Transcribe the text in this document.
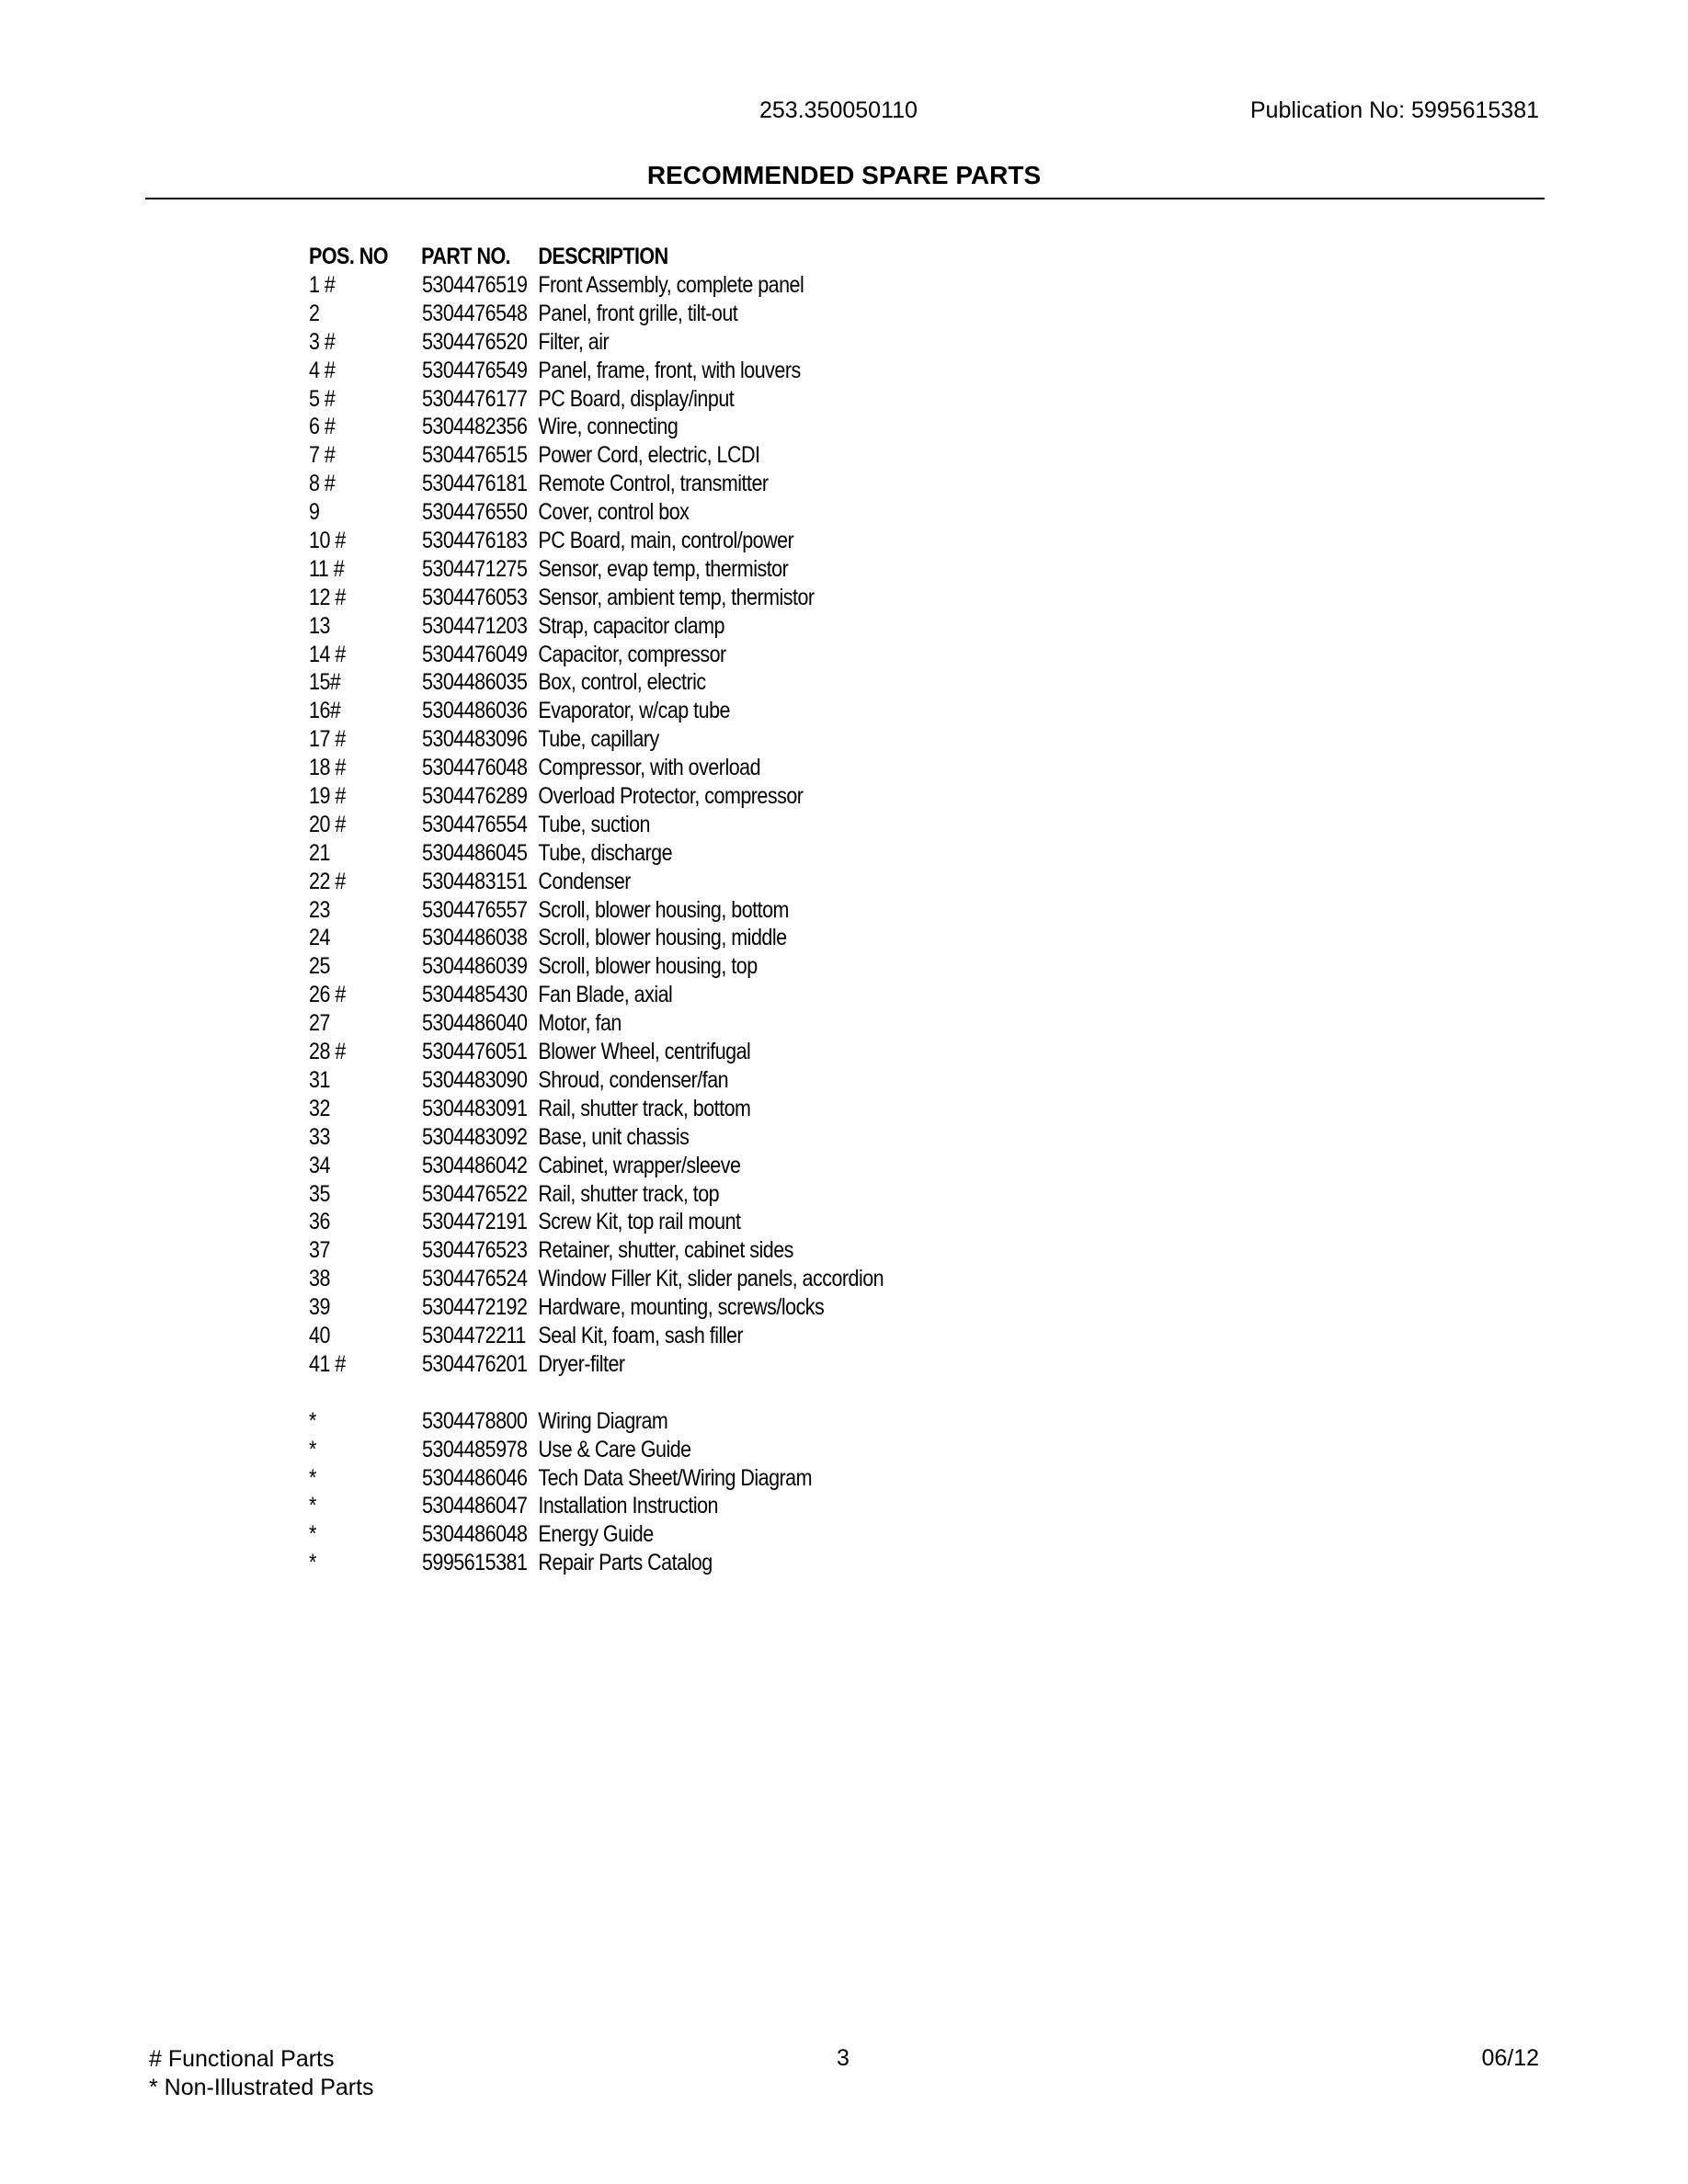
253.350050110	Publication No: 5995615381
RECOMMENDED SPARE PARTS
POS. NO PART NO. DESCRIPTION
1 #	5304476519 Front Assembly, complete panel
2	5304476548 Panel, front grille, tilt-out
3 #	5304476520 Filter, air
4 #	5304476549 Panel, frame, front, with louvers
5 #	5304476177 PC Board, display/input
6 #	5304482356 Wire, connecting
7 #	5304476515 Power Cord, electric, LCDI
8 #	5304476181 Remote Control, transmitter
9	5304476550 Cover, control box
10 #	5304476183 PC Board, main, control/power
11 #	5304471275 Sensor, evap temp, thermistor
12 #	5304476053 Sensor, ambient temp, thermistor
13	5304471203 Strap, capacitor clamp
14 #	5304476049 Capacitor, compressor
15#	5304486035 Box, control, electric
16#	5304486036 Evaporator, w/cap tube
17 #	5304483096 Tube, capillary
18 #	5304476048 Compressor, with overload
19 #	5304476289 Overload Protector, compressor
20 #	5304476554 Tube, suction
21	5304486045 Tube, discharge
22 #	5304483151 Condenser
23	5304476557 Scroll, blower housing, bottom
24	5304486038 Scroll, blower housing, middle
25	5304486039 Scroll, blower housing, top
26 #	5304485430 Fan Blade, axial
27	5304486040 Motor, fan
28 #	5304476051 Blower Wheel, centrifugal
31	5304483090 Shroud, condenser/fan
32	5304483091 Rail, shutter track, bottom
33	5304483092 Base, unit chassis
34	5304486042 Cabinet, wrapper/sleeve
35	5304476522 Rail, shutter track, top
36	5304472191 Screw Kit, top rail mount
37	5304476523 Retainer, shutter, cabinet sides
38	5304476524 Window Filler Kit, slider panels, accordion
39	5304472192 Hardware, mounting, screws/locks
40	5304472211 Seal Kit, foam, sash filler
41 #	5304476201 Dryer-filter
*	5304478800 Wiring Diagram
*	5304485978 Use & Care Guide
*	5304486046 Tech Data Sheet/Wiring Diagram
*	5304486047 Installation Instruction
*	5304486048 Energy Guide
*	5995615381 Repair Parts Catalog
# Functional Parts
* Non-Illustrated Parts
3	06/12
